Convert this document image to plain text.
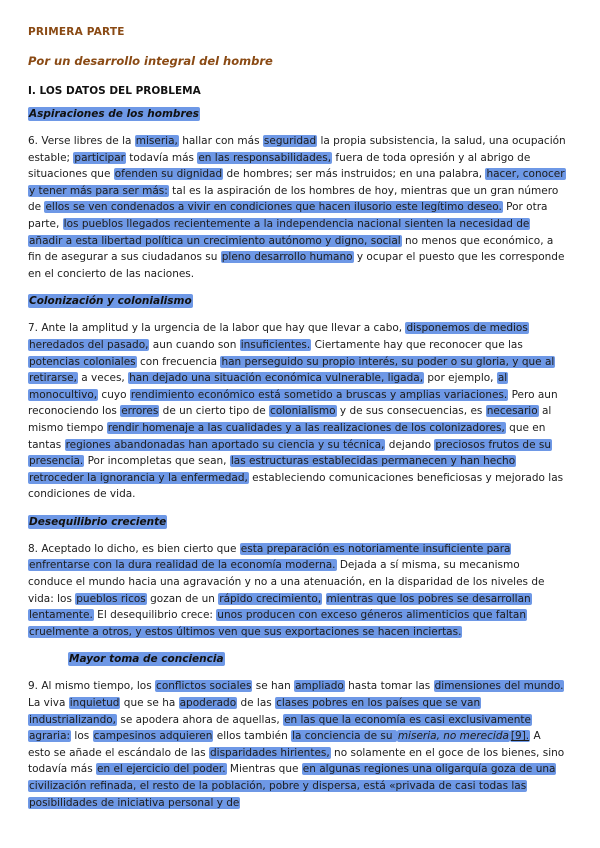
PRIMERA PARTE
Por un desarrollo integral del hombre
I. LOS DATOS DEL PROBLEMA
Aspiraciones de los hombres
6. Verse libres de la miseria, hallar con más seguridad la propia subsistencia, la salud, una ocupación estable; participar todavía más en las responsabilidades, fuera de toda opresión y al abrigo de situaciones que ofenden su dignidad de hombres; ser más instruidos; en una palabra, hacer, conocer y tener más para ser más: tal es la aspiración de los hombres de hoy, mientras que un gran número de ellos se ven condenados a vivir en condiciones que hacen ilusorio este legítimo deseo. Por otra parte, los pueblos llegados recientemente a la independencia nacional sienten la necesidad de añadir a esta libertad política un crecimiento autónomo y digno, social no menos que económico, a fin de asegurar a sus ciudadanos su pleno desarrollo humano y ocupar el puesto que les corresponde en el concierto de las naciones.
Colonización y colonialismo
7. Ante la amplitud y la urgencia de la labor que hay que llevar a cabo, disponemos de medios heredados del pasado, aun cuando son insuficientes. Ciertamente hay que reconocer que las potencias coloniales con frecuencia han perseguido su propio interés, su poder o su gloria, y que al retirarse, a veces, han dejado una situación económica vulnerable, ligada, por ejemplo, al monocultivo, cuyo rendimiento económico está sometido a bruscas y amplias variaciones. Pero aun reconociendo los errores de un cierto tipo de colonialismo y de sus consecuencias, es necesario al mismo tiempo rendir homenaje a las cualidades y a las realizaciones de los colonizadores, que en tantas regiones abandonadas han aportado su ciencia y su técnica, dejando preciosos frutos de su presencia. Por incompletas que sean, las estructuras establecidas permanecen y han hecho retroceder la ignorancia y la enfermedad, estableciendo comunicaciones beneficiosas y mejorado las condiciones de vida.
Desequilibrio creciente
8. Aceptado lo dicho, es bien cierto que esta preparación es notoriamente insuficiente para enfrentarse con la dura realidad de la economía moderna. Dejada a sí misma, su mecanismo conduce el mundo hacia una agravación y no a una atenuación, en la disparidad de los niveles de vida: los pueblos ricos gozan de un rápido crecimiento, mientras que los pobres se desarrollan lentamente. El desequilibrio crece: unos producen con exceso géneros alimenticios que faltan cruelmente a otros, y estos últimos ven que sus exportaciones se hacen inciertas.
Mayor toma de conciencia
9. Al mismo tiempo, los conflictos sociales se han ampliado hasta tomar las dimensiones del mundo. La viva inquietud que se ha apoderado de las clases pobres en los países que se van industrializando, se apodera ahora de aquellas, en las que la economía es casi exclusivamente agraria: los campesinos adquieren ellos también la conciencia de su miseria, no merecida [9]. A esto se añade el escándalo de las disparidades hirientes, no solamente en el goce de los bienes, sino todavía más en el ejercicio del poder. Mientras que en algunas regiones una oligarquía goza de una civilización refinada, el resto de la población, pobre y dispersa, está «privada de casi todas las posibilidades de iniciativa personal y de
